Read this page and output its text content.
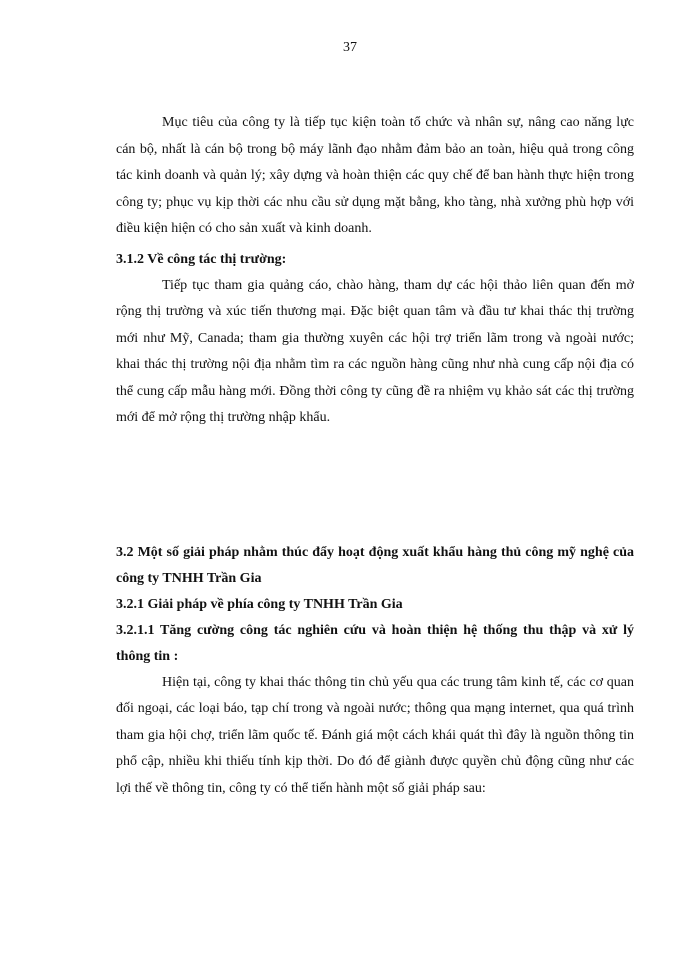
37

Mục tiêu của công ty là tiếp tục kiện toàn tổ chức và nhân sự, nâng cao năng lực cán bộ, nhất là cán bộ trong bộ máy lãnh đạo nhằm đảm bảo an toàn, hiệu quả trong công tác kinh doanh và quản lý; xây dựng và hoàn thiện các quy chế để ban hành thực hiện trong công ty; phục vụ kịp thời các nhu cầu sử dụng mặt bằng, kho tàng, nhà xưởng phù hợp với điều kiện hiện có cho sản xuất và kinh doanh.

3.1.2 Về công tác thị trường:

Tiếp tục tham gia quảng cáo, chào hàng, tham dự các hội thảo liên quan đến mở rộng thị trường và xúc tiến thương mại. Đặc biệt quan tâm và đầu tư khai thác thị trường mới như Mỹ, Canada; tham gia thường xuyên các hội trợ triển lãm trong và ngoài nước; khai thác thị trường nội địa nhằm tìm ra các nguồn hàng cũng như nhà cung cấp nội địa có thể cung cấp mẫu hàng mới. Đồng thời công ty cũng đề ra nhiệm vụ khảo sát các thị trường mới để mở rộng thị trường nhập khẩu.

3.2 Một số giải pháp nhằm thúc đẩy hoạt động xuất khẩu hàng thủ công mỹ nghệ của công ty TNHH Trần Gia
3.2.1 Giải pháp về phía công ty TNHH Trần Gia
3.2.1.1 Tăng cường công tác nghiên cứu và hoàn thiện hệ thống thu thập và xử lý thông tin :

Hiện tại, công ty khai thác thông tin chủ yếu qua các trung tâm kinh tế, các cơ quan đối ngoại, các loại báo, tạp chí trong và ngoài nước; thông qua mạng internet, qua quá trình tham gia hội chợ, triển lãm quốc tế. Đánh giá một cách khái quát thì đây là nguồn thông tin phổ cập, nhiều khi thiếu tính kịp thời. Do đó để giành được quyền chủ động cũng như các lợi thế về thông tin, công ty có thể tiến hành một số giải pháp sau:
